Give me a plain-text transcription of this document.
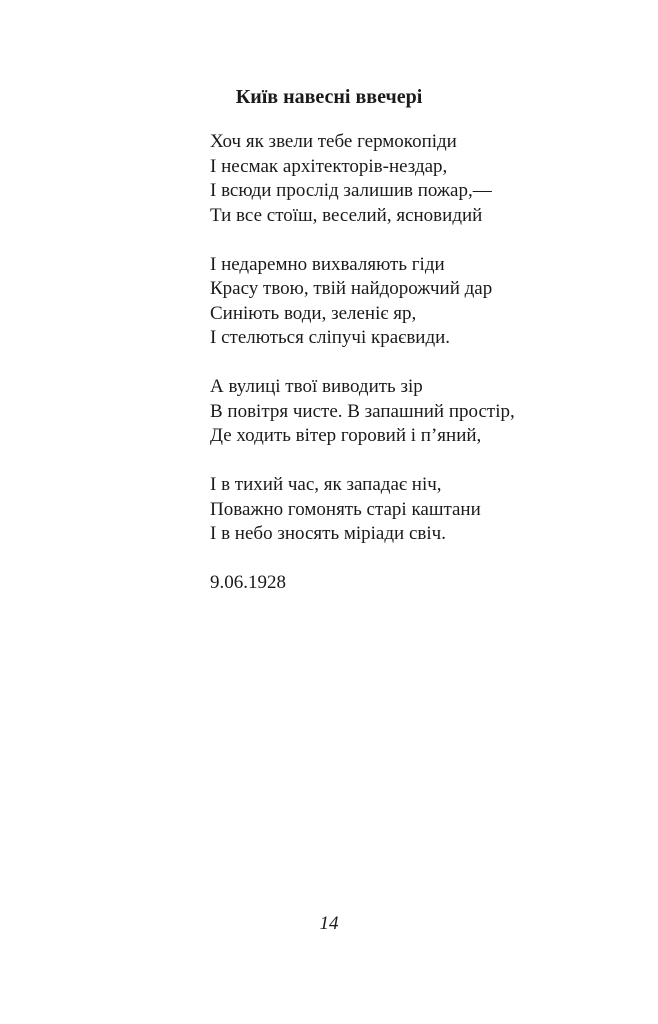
Київ навесні ввечері
Хоч як звели тебе гермокопіди
І несмак архітекторів-нездар,
І всюди прослід залишив пожар,—
Ти все стоїш, веселий, ясновидий
І недаремно вихваляють гіди
Красу твою, твій найдорожчий дар
Синіють води, зеленіє яр,
І стелються сліпучі краєвиди.
А вулиці твої виводить зір
В повітря чисте. В запашний простір,
Де ходить вітер горовий і п’яний,
І в тихий час, як западає ніч,
Поважно гомонять старі каштани
І в небо зносять міріади свіч.
9.06.1928
14
